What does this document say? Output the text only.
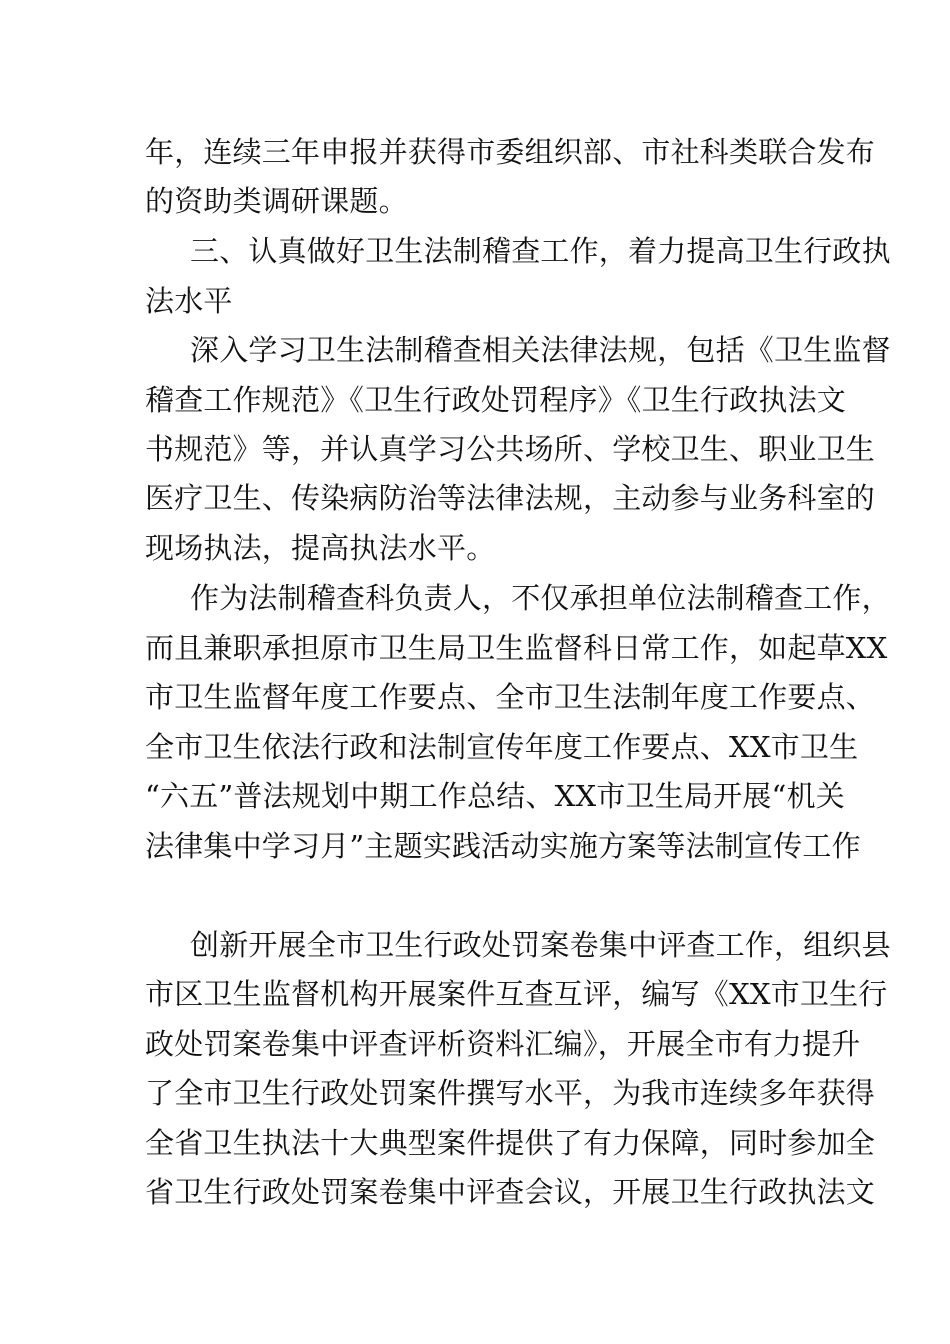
年，连续三年申报并获得市委组织部、市社科类联合发布
的资助类调研课题。
三、认真做好卫生法制稽查工作，着力提高卫生行政执
法水平
深入学习卫生法制稽查相关法律法规，包括《卫生监督
稽查工作规范》《卫生行政处罚程序》《卫生行政执法文
书规范》等，并认真学习公共场所、学校卫生、职业卫生
医疗卫生、传染病防治等法律法规，主动参与业务科室的
现场执法，提高执法水平。
作为法制稽查科负责人，不仅承担单位法制稽查工作，
而且兼职承担原市卫生局卫生监督科日常工作，如起草XX
市卫生监督年度工作要点、全市卫生法制年度工作要点、
全市卫生依法行政和法制宣传年度工作要点、XX市卫生
“六五”普法规划中期工作总结、XX市卫生局开展“机关
法律集中学习月”主题实践活动实施方案等法制宣传工作
创新开展全市卫生行政处罚案卷集中评查工作，组织县
市区卫生监督机构开展案件互查互评，编写《XX市卫生行
政处罚案卷集中评查评析资料汇编》，开展全市有力提升
了全市卫生行政处罚案件撰写水平，为我市连续多年获得
全省卫生执法十大典型案件提供了有力保障，同时参加全
省卫生行政处罚案卷集中评查会议，开展卫生行政执法文
